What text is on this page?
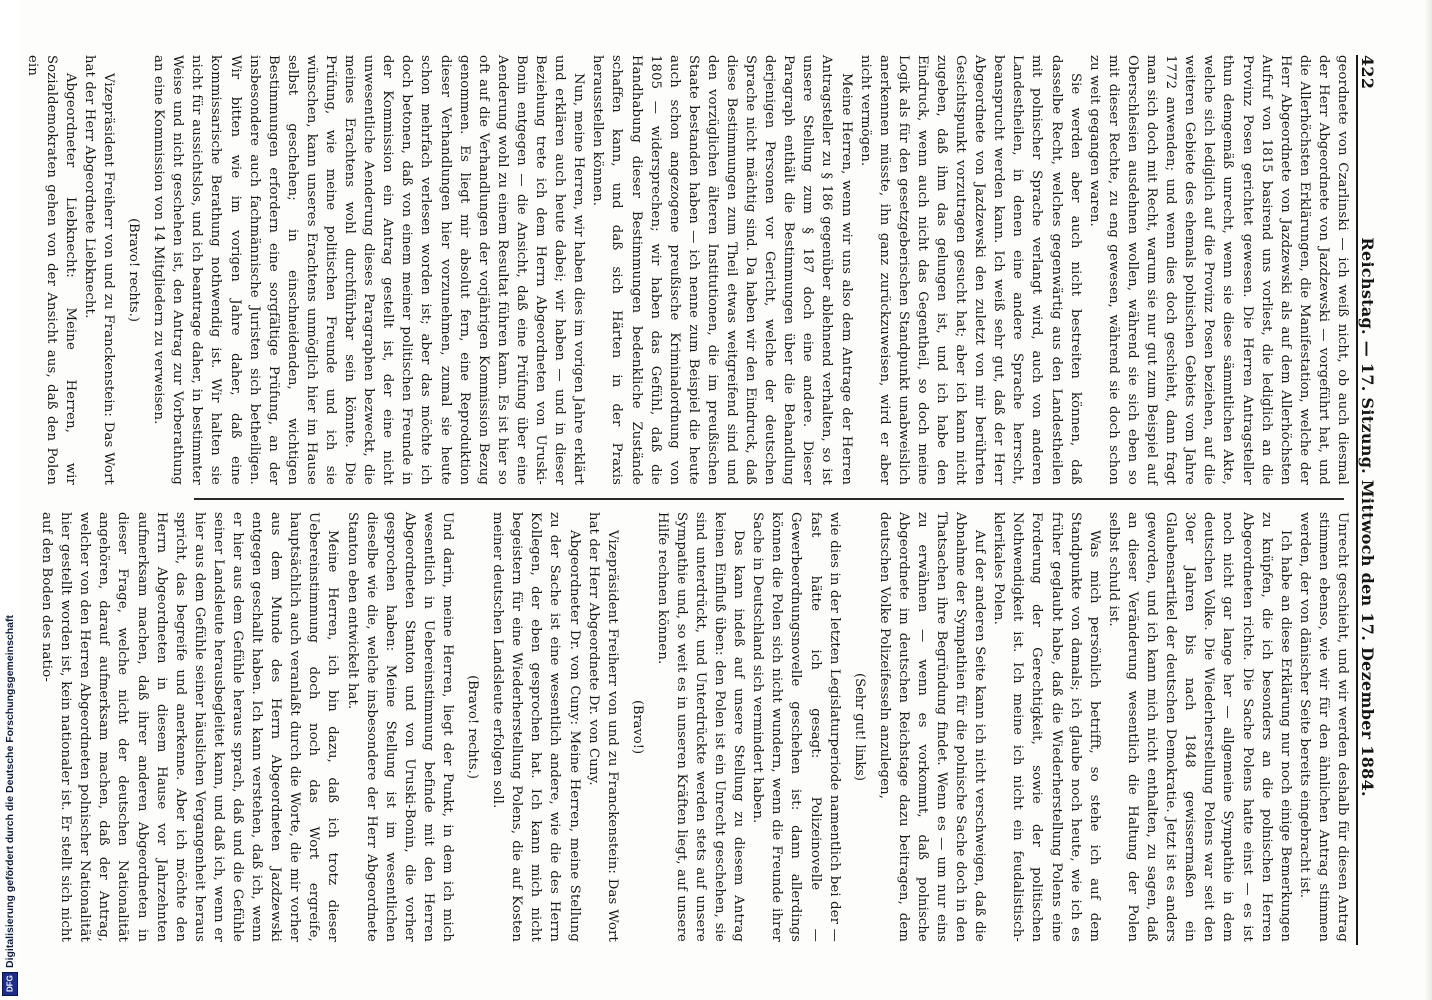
422
Reichstag. — 17. Sitzung. Mittwoch den 17. Dezember 1884.

geordnete von Czarlinski — ich weiß nicht, ob auch diesmal der Herr Abgeordnete von Jazdzewski — vorgeführt hat, und die Allerhöchsten Erklärungen, die Manifestation, welche der Herr Abgeordnete von Jazdzewski als auf dem Allerhöchsten Aufruf von 1815 basirend uns vorliest, die lediglich an die Provinz Posen gerichtet gewesen. Die Herren Antragsteller thun demgemäß unrecht, wenn sie diese sämmtlichen Akte, welche sich lediglich auf die Provinz Posen beziehen, auf die weiteren Gebiete des ehemals polnischen Gebiets vom Jahre 1772 anwenden; und wenn dies doch geschieht, dann fragt man sich doch mit Recht, warum sie nur gut zum Beispiel auf Oberschlesien ausdehnen wollen, während sie sich eben so mit dieser Rechte, zu eng gewesen, während sie doch schon zu weit gegangen waren.

Sie werden aber auch nicht bestreiten können, daß dasselbe Recht, welches gegenwärtig aus den Landestheilen mit polnischer Sprache verlangt wird, auch von anderen Landestheilen, in denen eine andere Sprache herrscht, beansprucht werden kann. Ich weiß sehr gut, daß der Herr Abgeordnete von Jazdzewski den zuletzt von mir berührten Gesichtspunkt vorzutragen gesucht hat; aber ich kann nicht zugeben, daß ihm das gelungen ist, und ich habe den Eindruck, wenn auch nicht das Gegentheil, so doch meine Logik als für den gesetzgeberischen Standpunkt unabweislich anerkennen müsste, ihn ganz zurückzuweisen, wird er aber nicht vermögen.

Meine Herren, wenn wir uns also dem Antrage der Herren Antragsteller zu § 186 gegenüber ablehnend verhalten, so ist unsere Stellung zum § 187 doch eine andere. Dieser Paragraph enthält die Bestimmungen über die Behandlung derjenigen Personen vor Gericht, welche der deutschen Sprache nicht mächtig sind. Da haben wir den Eindruck, daß diese Bestimmungen zum Theil etwas weitgreifend sind und den vorzüglichen älteren Institutionen, die im preußischen Staate bestanden haben — ich nenne zum Beispiel die heute auch schon angezogene preußische Kriminalordnung von 1805 — widersprechen; wir haben das Gefühl, daß die Handhabung dieser Bestimmungen bedenkliche Zustände schaffen kann, und daß sich Härten in der Praxis herausstellen können.

Nun, meine Herren, wir haben dies im vorigen Jahre erklärt und erklären auch heute dabei; wir haben — und in dieser Beziehung trete ich dem Herrn Abgeordneten von Uruski-Bonin entgegen — die Ansicht, daß eine Prüfung über eine Aenderung wohl zu einem Resultat führen kann. Es ist hier so oft auf die Verhandlungen der vorjährigen Kommission Bezug genommen. Es liegt mir absolut fern, eine Reproduktion dieser Verhandlungen hier vorzunehmen, zumal sie heute schon mehrfach verlesen worden ist; aber das möchte ich doch betonen, daß von einem meiner politischen Freunde in der Kommission ein Antrag gestellt ist, der eine nicht unwesentliche Aenderung dieses Paragraphen bezweckt, die meines Erachtens wohl durchführbar sein könnte. Die Prüfung, wie meine politischen Freunde und ich sie wünschen, kann unseres Erachtens unmöglich hier im Hause selbst geschehen; in einschneidenden, wichtigen Bestimmungen erfordern eine sorgfältige Prüfung, an der insbesondere auch fachmännische Juristen sich betheiligen. Wir bitten wie im vorigen Jahre daher, daß eine kommissarische Berathung nothwendig ist. Wir halten sie nicht für aussichtslos, und ich beantrage daher, in bestimmter Weise und nicht geschehen ist, den Antrag zur Vorberathung an eine Kommission von 14 Mitgliedern zu verweisen.

(Bravo! rechts.)

Vizepräsident Freiherr von und zu Franckenstein: Das Wort hat der Herr Abgeordnete Liebknecht.

Abgeordneter Liebknecht: Meine Herren, wir Sozialdemokraten gehen von der Ansicht aus, daß den Polen ein

Unrecht geschieht, und wir werden deshalb für diesen Antrag stimmen ebenso, wie wir für den ähnlichen Antrag stimmen werden, der von dänischer Seite bereits eingebracht ist.

Ich habe an diese Erklärung nur noch einige Bemerkungen zu knüpfen, die ich besonders an die polnischen Herren Abgeordneten richte. Die Sache Polens hatte einst — es ist noch nicht gar lange her — allgemeine Sympathie in dem deutschen Volke. Die Wiederherstellung Polens war seit den 30er Jahren bis nach 1848 gewissermaßen ein Glaubensartikel der deutschen Demokratie. Jetzt ist es anders geworden, und ich kann mich nicht enthalten, zu sagen, daß an dieser Veränderung wesentlich die Haltung der Polen selbst schuld ist.

Was mich persönlich betrifft, so stehe ich auf dem Standpunkte von damals; ich glaube noch heute, wie ich es früher geglaubt habe, daß die Wiederherstellung Polens eine Forderung der Gerechtigkeit, sowie der politischen Nothwendigkeit ist. Ich meine ich nicht ein feudalistisch-klerikales Polen.

Auf der anderen Seite kann ich nicht verschweigen, daß die Abnahme der Sympathien für die polnische Sache doch in den Thatsachen ihre Begründung findet. Wenn es — um nur eins zu erwähnen — wenn es vorkommt, daß polnische Abgeordnete im deutschen Reichstage dazu beitragen, dem deutschen Volke Polizeifesseln anzulegen,

(Sehr gut! links)

wie dies in der letzten Legislaturperiode namentlich bei der — fast hätte ich gesagt: Polizeinovelle — Gewerbeordnungsnovelle geschehen ist: dann allerdings können die Polen sich nicht wundern, wenn die Freunde ihrer Sache in Deutschland sich vermindert haben.

Das kann indeß auf unsere Stellung zu diesem Antrag keinen Einfluß üben: den Polen ist ein Unrecht geschehen, sie sind unterdrückt, und Unterdrückte werden stets auf unsere Sympathie und, so weit es in unseren Kräften liegt, auf unsere Hilfe rechnen können.

(Bravo!)

Vizepräsident Freiherr von und zu Franckenstein: Das Wort hat der Herr Abgeordnete Dr. von Cuny.

Abgeordneter Dr. von Cuny: Meine Herren, meine Stellung zu der Sache ist eine wesentlich andere, wie die des Herrn Kollegen, der eben gesprochen hat. Ich kann mich nicht begeistern für eine Wiederherstellung Polens, die auf Kosten meiner deutschen Landsleute erfolgen soll.

(Bravo! rechts.)

Und darin, meine Herren, liegt der Punkt, in dem ich mich wesentlich in Uebereinstimmung befinde mit den Herren Abgeordneten Stanton und von Uruski-Bonin, die vorher gesprochen haben: Meine Stellung ist im wesentlichen dieselbe wie die, welche insbesondere der Herr Abgeordnete Stanton eben entwickelt hat.

Meine Herren, ich bin dazu, daß ich trotz dieser Uebereinstimmung doch noch das Wort ergreife, hauptsächlich auch veranlaßt durch die Worte, die mir vorher aus dem Munde des Herrn Abgeordneten Jazdzewski entgegen geschallt haben. Ich kann verstehen, daß ich, wenn er hier aus dem Gefühle heraus sprach, daß und die Gefühle seiner Landsleute herausbegleitet kann, und daß ich, wenn er hier aus dem Gefühle seiner häuslichen Vergangenheit heraus spricht, das begreife und anerkenne. Aber ich möchte den Herrn Abgeordneten in diesem Hause vor Jahrzehnten aufmerksam machen, daß ihrer anderen Abgeordneten in dieser Frage, welche nicht der deutschen Nationalität angehören, darauf aufmerksam machen, daß der Antrag, welcher von den Herren Abgeordneten polnischer Nationalität hier gestellt worden ist, kein nationaler ist. Er stellt sich nicht auf den Boden des natio-

DFG
Digitalisierung gefördert durch die Deutsche Forschungsgemeinschaft
